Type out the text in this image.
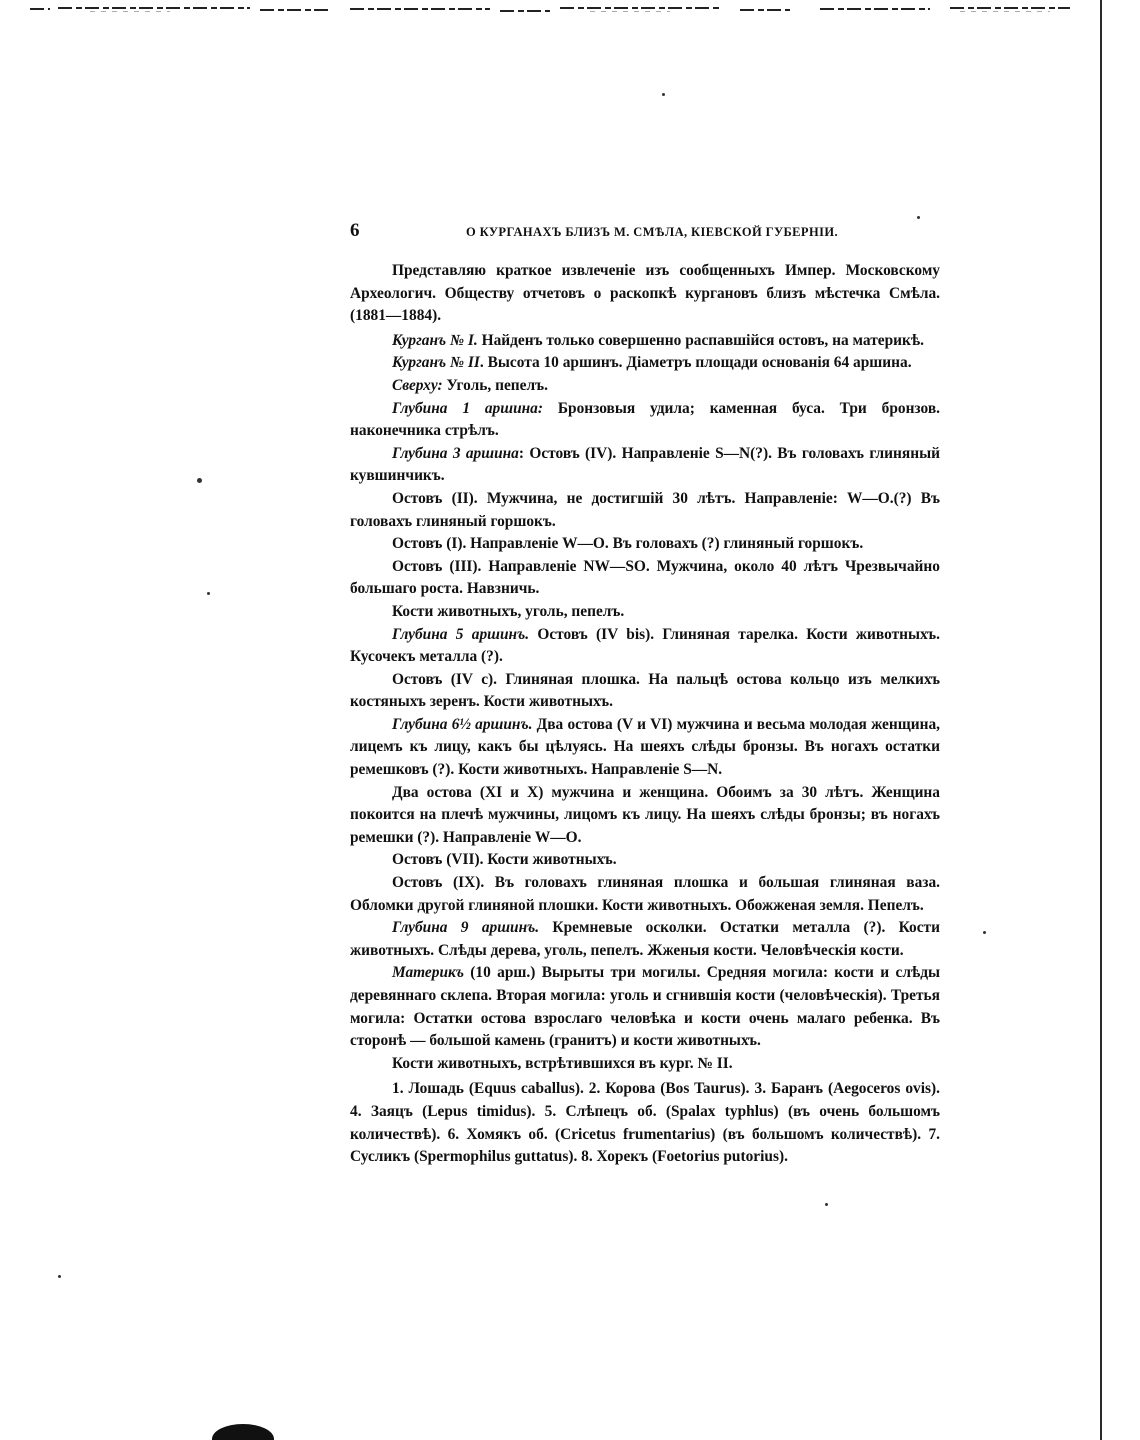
6	О КУРГАНАХЪ БЛИЗЪ М. СМѢЛА, КІЕВСКОЙ ГУБЕРНІИ.

Представляю краткое извлеченіе изъ сообщенныхъ Импер. Московскому Археологич. Обществу отчетовъ о раскопкѣ кургановъ близъ мѣстечка Смѣла. (1881—1884).

Курганъ № I. Найденъ только совершенно распавшійся остовъ, на материкѣ.

Курганъ № II. Высота 10 аршинъ. Діаметръ площади основанія 64 аршина.

Сверху: Уголь, пепелъ.

Глубина 1 аршина: Бронзовыя удила; каменная буса. Три бронзов. наконечника стрѣлъ.

Глубина 3 аршина: Остовъ (IV). Направленіе S—N(?). Въ головахъ глиняный кувшинчикъ.

Остовъ (II). Мужчина, не достигшій 30 лѣтъ. Направленіе: W—O.(?) Въ головахъ глиняный горшокъ.

Остовъ (I). Направленіе W—O. Въ головахъ (?) глиняный горшокъ.

Остовъ (III). Направленіе NW—SO. Мужчина, около 40 лѣтъ Чрезвычайно большаго роста. Навзничь.

Кости животныхъ, уголь, пепелъ.

Глубина 5 аршинъ. Остовъ (IV bis). Глиняная тарелка. Кости животныхъ. Кусочекъ металла (?).

Остовъ (IV c). Глиняная плошка. На пальцѣ остова кольцо изъ мелкихъ костяныхъ зеренъ. Кости животныхъ.

Глубина 6½ аршинъ. Два остова (V и VI) мужчина и весьма молодая женщина, лицемъ къ лицу, какъ бы цѣлуясь. На шеяхъ слѣды бронзы. Въ ногахъ остатки ремешковъ (?). Кости животныхъ. Направленіе S—N.

Два остова (XI и X) мужчина и женщина. Обоимъ за 30 лѣтъ. Женщина покоится на плечѣ мужчины, лицомъ къ лицу. На шеяхъ слѣды бронзы; въ ногахъ ремешки (?). Направленіе W—O.

Остовъ (VII). Кости животныхъ.

Остовъ (IX). Въ головахъ глиняная плошка и большая глиняная ваза. Обломки другой глиняной плошки. Кости животныхъ. Обожженая земля. Пепелъ.

Глубина 9 аршинъ. Кремневые осколки. Остатки металла (?). Кости животныхъ. Слѣды дерева, уголь, пепелъ. Жженыя кости. Человѣческія кости.

Материкъ (10 арш.) Вырыты три могилы. Средняя могила: кости и слѣды деревяннаго склепа. Вторая могила: уголь и сгнившія кости (человѣческія). Третья могила: Остатки остова взрослаго человѣка и кости очень малаго ребенка. Въ сторонѣ — большой камень (гранитъ) и кости животныхъ.

Кости животныхъ, встрѣтившихся въ кург. № II.

1. Лошадь (Equus caballus). 2. Корова (Bos Taurus). 3. Баранъ (Aegoceros ovis). 4. Заяцъ (Lepus timidus). 5. Слѣпецъ об. (Spalax typhlus) (въ очень большомъ количествѣ). 6. Хомякъ об. (Cricetus frumentarius) (въ большомъ количествѣ). 7. Сусликъ (Spermophilus guttatus). 8. Хорекъ (Foetorius putorius).
